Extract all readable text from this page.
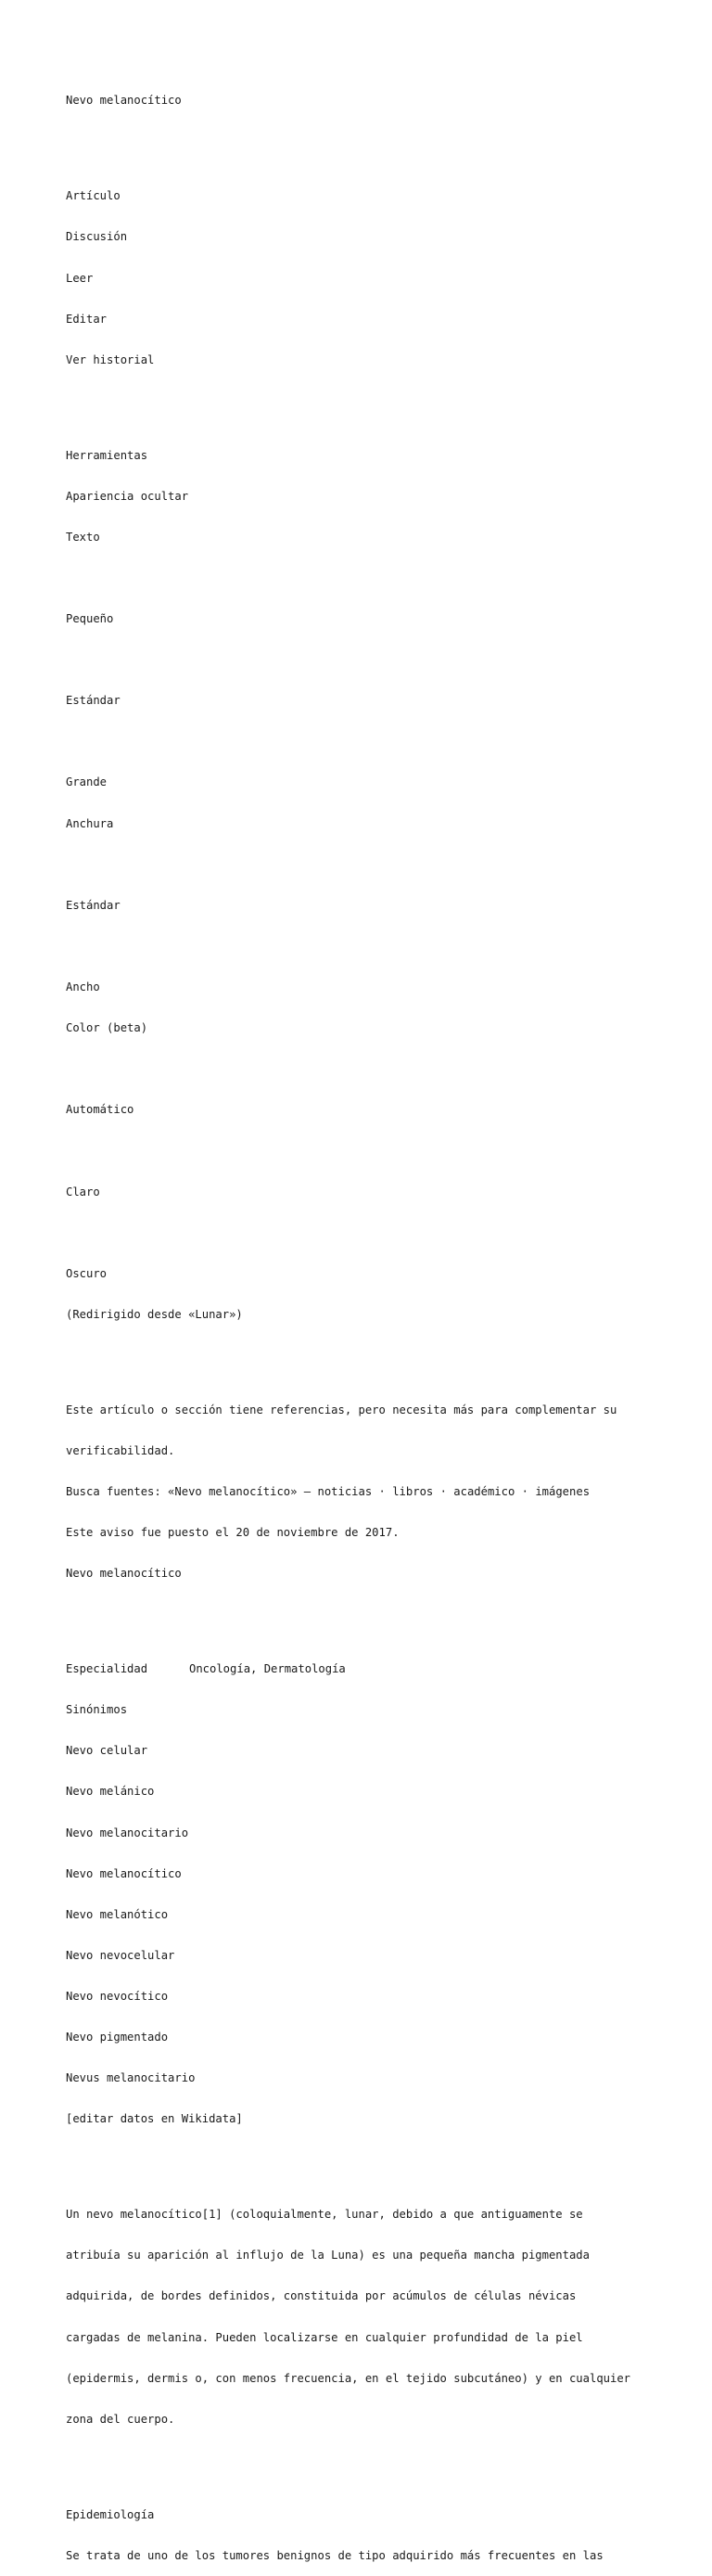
Nevo melanocítico

Artículo

Discusión

Leer

Editar

Ver historial

Herramientas

Apariencia ocultar

Texto

Pequeño

Estándar

Grande

Anchura

Estándar

Ancho

Color (beta)

Automático

Claro

Oscuro

(Redirigido desde «Lunar»)

Este artículo o sección tiene referencias, pero necesita más para complementar su

verificabilidad.

Busca fuentes: «Nevo melanocítico» – noticias · libros · académico · imágenes

Este aviso fue puesto el 20 de noviembre de 2017.

Nevo melanocítico

Especialidad	Oncología, Dermatología

Sinónimos

Nevo celular

Nevo melánico

Nevo melanocitario

Nevo melanocítico

Nevo melanótico

Nevo nevocelular

Nevo nevocítico

Nevo pigmentado

Nevus melanocitario

[editar datos en Wikidata]

Un nevo melanocítico[1] (coloquialmente, lunar, debido a que antiguamente se

atribuía su aparición al influjo de la Luna) es una pequeña mancha pigmentada

adquirida, de bordes definidos, constituida por acúmulos de células névicas

cargadas de melanina. Pueden localizarse en cualquier profundidad de la piel

(epidermis, dermis o, con menos frecuencia, en el tejido subcutáneo) y en cualquier

zona del cuerpo.

Epidemiología

Se trata de uno de los tumores benignos de tipo adquirido más frecuentes en las
